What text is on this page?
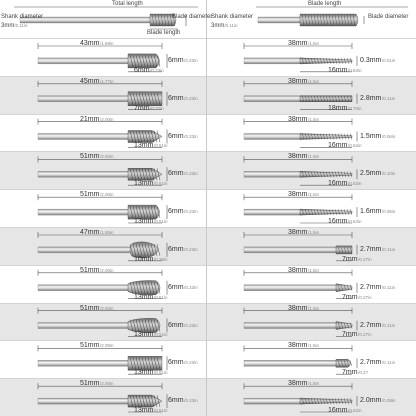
Total length
Shank diameter
3mm/0.11in
Blade diameter
Blade length
Blade length
Shank diameter
3mm/0.11in
Blade diameter
43mm/1.69in
6mm/0.23in
6mm/0.23in
45mm/1.77in
7mm/0.27in
6mm/0.23in
21mm/2.00in
13mm/0.51in
6mm/0.23in
51mm/2.00in
13mm/0.51in
6mm/0.23in
51mm/2.00in
13mm/0.51in
6mm/0.23in
47mm/1.85in
10mm/0.39in
6mm/0.23in
51mm/2.00in
13mm/0.51in
6mm/0.23in
51mm/2.00in
13mm/0.51in
6mm/0.23in
51mm/2.00in
13mm/0.51in
6mm/0.23in
51mm/2.00in
13mm/0.51in
6mm/0.23in
38mm/1.5in
16mm/0.62in
0.3mm/0.01in
38mm/1.5in
18mm/0.70in
2.8mm/0.11in
38mm/1.5in
16mm/0.62in
1.5mm/0.06in
38mm/1.5in
16mm/0.62in
2.5mm/0.10in
38mm/1.5in
16mm/0.62in
1.6mm/0.06in
38mm/1.5in
7mm/0.27in
2.7mm/0.11in
38mm/1.5in
7mm/0.27in
2.7mm/0.11in
38mm/1.5in
7mm/0.27in
2.7mm/0.11in
38mm/1.5in
7mm/0.27
2.7mm/0.11in
38mm/1.5in
16mm/0.62in
2.0mm/0.08in
